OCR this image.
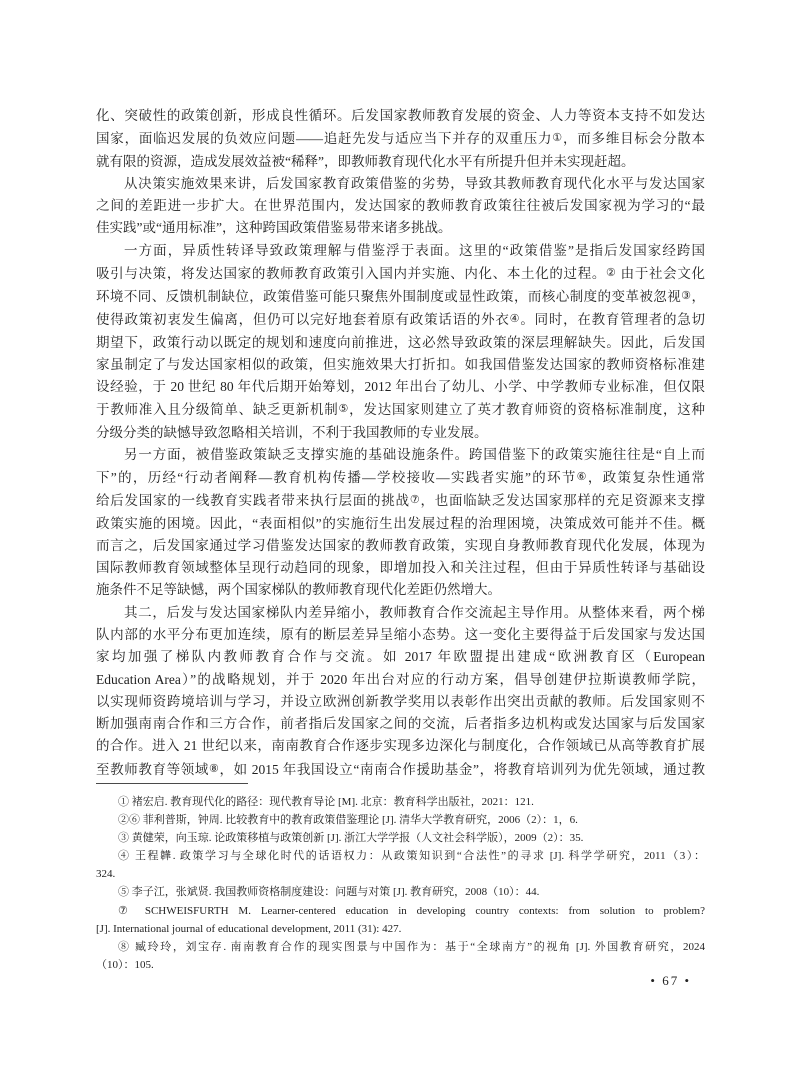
化、突破性的政策创新，形成良性循环。后发国家教师教育发展的资金、人力等资本支持不如发达
国家，面临迟发展的负效应问题——追赶先发与适应当下并存的双重压力①，而多维目标会分散本
就有限的资源，造成发展效益被“稀释”，即教师教育现代化水平有所提升但并未实现赶超。
从决策实施效果来讲，后发国家教育政策借鉴的劣势，导致其教师教育现代化水平与发达国家
之间的差距进一步扩大。在世界范围内，发达国家的教师教育政策往往被后发国家视为学习的“最
佳实践”或“通用标准”，这种跨国政策借鉴易带来诸多挑战。
一方面，异质性转译导致政策理解与借鉴浮于表面。这里的“政策借鉴”是指后发国家经跨国
吸引与决策，将发达国家的教师教育政策引入国内并实施、内化、本土化的过程。② 由于社会文化
环境不同、反馈机制缺位，政策借鉴可能只聚焦外围制度或显性政策，而核心制度的变革被忽视③，
使得政策初衷发生偏离，但仍可以完好地套着原有政策话语的外衣④。同时，在教育管理者的急切
期望下，政策行动以既定的规划和速度向前推进，这必然导致政策的深层理解缺失。因此，后发国
家虽制定了与发达国家相似的政策，但实施效果大打折扣。如我国借鉴发达国家的教师资格标准建
设经验，于 20 世纪 80 年代后期开始筹划，2012 年出台了幼儿、小学、中学教师专业标准，但仅限
于教师准入且分级简单、缺乏更新机制⑤，发达国家则建立了英才教育师资的资格标准制度，这种
分级分类的缺憾导致忽略相关培训，不利于我国教师的专业发展。
另一方面，被借鉴政策缺乏支撑实施的基础设施条件。跨国借鉴下的政策实施往往是“自上而
下”的，历经“行动者阐释—教育机构传播—学校接收—实践者实施”的环节⑥，政策复杂性通常
给后发国家的一线教育实践者带来执行层面的挑战⑦，也面临缺乏发达国家那样的充足资源来支撑
政策实施的困境。因此，“表面相似”的实施衍生出发展过程的治理困境，决策成效可能并不佳。概
而言之，后发国家通过学习借鉴发达国家的教师教育政策，实现自身教师教育现代化发展，体现为
国际教师教育领域整体呈现行动趋同的现象，即增加投入和关注过程，但由于异质性转译与基础设
施条件不足等缺憾，两个国家梯队的教师教育现代化差距仍然增大。
其二，后发与发达国家梯队内差异缩小，教师教育合作交流起主导作用。从整体来看，两个梯
队内部的水平分布更加连续，原有的断层差异呈缩小态势。这一变化主要得益于后发国家与发达国
家均加强了梯队内教师教育合作与交流。如 2017 年欧盟提出建成“欧洲教育区（European
Education Area）”的战略规划，并于 2020 年出台对应的行动方案，倡导创建伊拉斯谟教师学院，
以实现师资跨境培训与学习，并设立欧洲创新教学奖用以表彰作出突出贡献的教师。后发国家则不
断加强南南合作和三方合作，前者指后发国家之间的交流，后者指多边机构或发达国家与后发国家
的合作。进入 21 世纪以来，南南教育合作逐步实现多边深化与制度化，合作领域已从高等教育扩展
至教师教育等领域⑧，如 2015 年我国设立“南南合作援助基金”，将教育培训列为优先领域，通过教
① 褚宏启. 教育现代化的路径：现代教育导论 [M]. 北京：教育科学出版社，2021：121.
②⑥ 菲利普斯，钟周. 比较教育中的教育政策借鉴理论 [J]. 清华大学教育研究，2006（2）：1，6.
③ 黄健荣，向玉琼. 论政策移植与政策创新 [J]. 浙江大学学报（人文社会科学版），2009（2）：35.
④ 王程韡. 政策学习与全球化时代的话语权力：从政策知识到“合法性”的寻求 [J]. 科学学研究，2011（3）：
324.
⑤ 李子江，张斌贤. 我国教师资格制度建设：问题与对策 [J]. 教育研究，2008（10）：44.
⑦ SCHWEISFURTH M. Learner-centered education in developing country contexts: from solution to problem?
[J]. International journal of educational development, 2011 (31): 427.
⑧ 臧玲玲，刘宝存. 南南教育合作的现实图景与中国作为：基于“全球南方”的视角 [J]. 外国教育研究，2024
（10）：105.
• 67 •
